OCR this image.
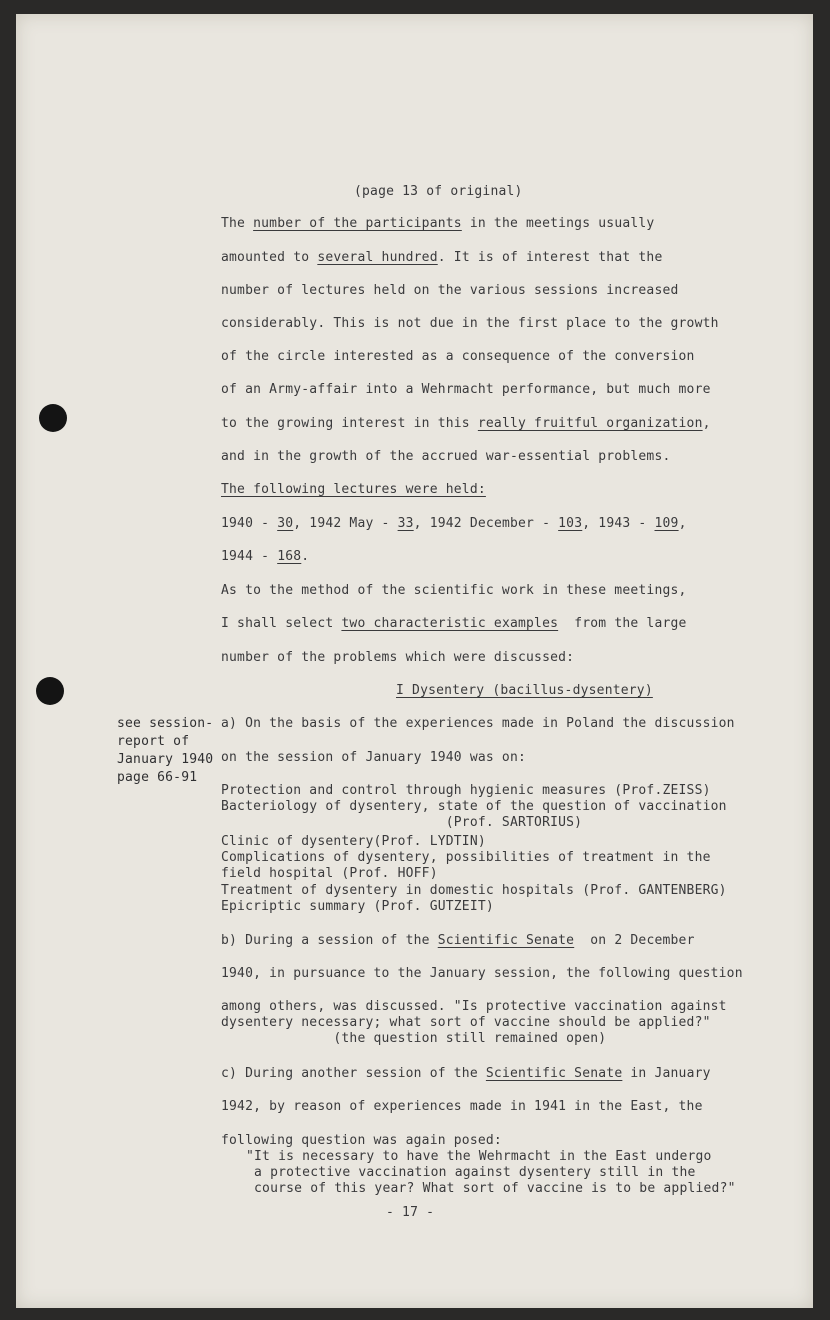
(page 13 of original)
The number of the participants in the meetings usually
amounted to several hundred. It is of interest that the
number of lectures held on the various sessions increased
considerably. This is not due in the first place to the growth
of the circle interested as a consequence of the conversion
of an Army-affair into a Wehrmacht performance, but much more
to the growing interest in this really fruitful organization,
and in the growth of the accrued war-essential problems.
The following lectures were held:
1940 - 30, 1942 May - 33, 1942 December - 103, 1943 - 109,
1944 - 168.
As to the method of the scientific work in these meetings,
I shall select two characteristic examples  from the large
number of the problems which were discussed:
I Dysentery (bacillus-dysentery)
see session-
report of
January 1940
page 66-91
a) On the basis of the experiences made in Poland the discussion
on the session of January 1940 was on:
Protection and control through hygienic measures (Prof.ZEISS)
Bacteriology of dysentery, state of the question of vaccination
(Prof. SARTORIUS)
Clinic of dysentery(Prof. LYDTIN)
Complications of dysentery, possibilities of treatment in the
field hospital (Prof. HOFF)
Treatment of dysentery in domestic hospitals (Prof. GANTENBERG)
Epicriptic summary (Prof. GUTZEIT)
b) During a session of the Scientific Senate  on 2 December
1940, in pursuance to the January session, the following question
among others, was discussed. "Is protective vaccination against
dysentery necessary; what sort of vaccine should be applied?"
(the question still remained open)
c) During another session of the Scientific Senate in January
1942, by reason of experiences made in 1941 in the East, the
following question was again posed:
"It is necessary to have the Wehrmacht in the East undergo
a protective vaccination against dysentery still in the
course of this year? What sort of vaccine is to be applied?"
- 17 -
